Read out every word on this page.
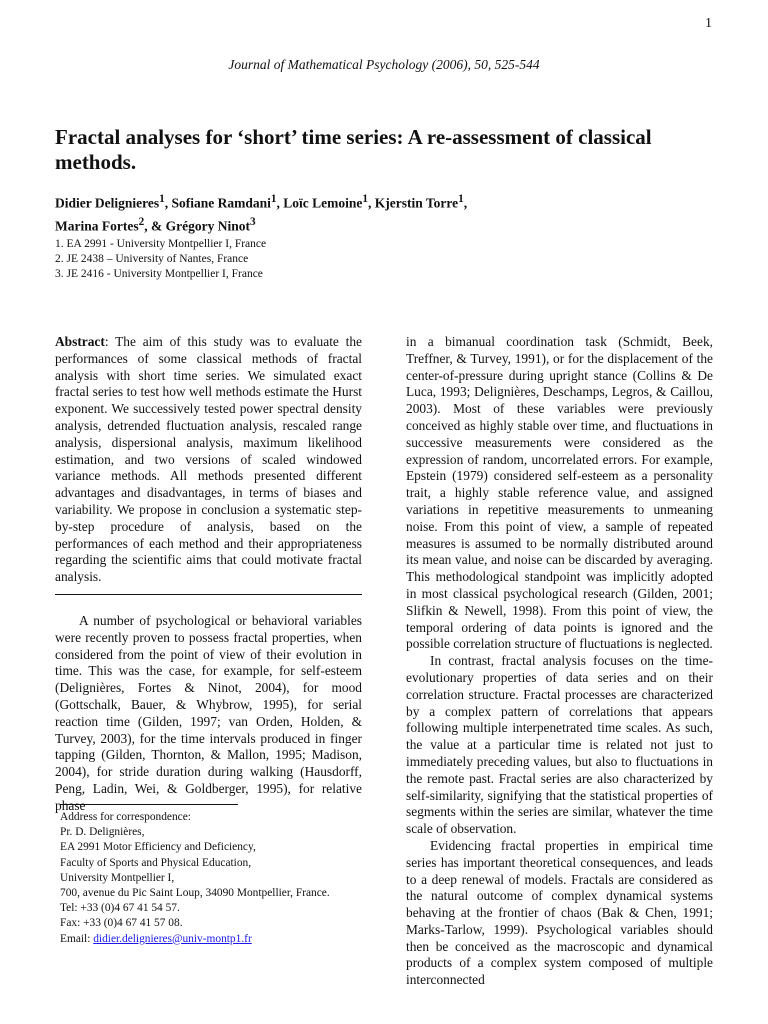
1
Journal of Mathematical Psychology (2006), 50, 525-544
Fractal analyses for ‘short’ time series: A re-assessment of classical methods.
Didier Delignieres$^1$, Sofiane Ramdani$^1$, Loïc Lemoine$^1$, Kjerstin Torre$^1$,
Marina Fortes$^2$, & Grégory Ninot$^3$
1. EA 2991 - University Montpellier I, France
2. JE 2438 – University of Nantes, France
3. JE 2416 - University Montpellier I, France

Abstract: The aim of this study was to evaluate the performances of some classical methods of fractal analysis with short time series. We simulated exact fractal series to test how well methods estimate the Hurst exponent. We successively tested power spectral density analysis, detrended fluctuation analysis, rescaled range analysis, dispersional analysis, maximum likelihood estimation, and two versions of scaled windowed variance methods. All methods presented different advantages and disadvantages, in terms of biases and variability. We propose in conclusion a systematic step-by-step procedure of analysis, based on the performances of each method and their appropriateness regarding the scientific aims that could motivate fractal analysis.

A number of psychological or behavioral variables were recently proven to possess fractal properties, when considered from the point of view of their evolution in time. This was the case, for example, for self-esteem (Delignières, Fortes & Ninot, 2004), for mood (Gottschalk, Bauer, & Whybrow, 1995), for serial reaction time (Gilden, 1997; van Orden, Holden, & Turvey, 2003), for the time intervals produced in finger tapping (Gilden, Thornton, & Mallon, 1995; Madison, 2004), for stride duration during walking (Hausdorff, Peng, Ladin, Wei, & Goldberger, 1995), for relative phase

in a bimanual coordination task (Schmidt, Beek, Treffner, & Turvey, 1991), or for the displacement of the center-of-pressure during upright stance (Collins & De Luca, 1993; Delignières, Deschamps, Legros, & Caillou, 2003). Most of these variables were previously conceived as highly stable over time, and fluctuations in successive measurements were considered as the expression of random, uncorrelated errors. For example, Epstein (1979) considered self-esteem as a personality trait, a highly stable reference value, and assigned variations in repetitive measurements to unmeaning noise. From this point of view, a sample of repeated measures is assumed to be normally distributed around its mean value, and noise can be discarded by averaging. This methodological standpoint was implicitly adopted in most classical psychological research (Gilden, 2001; Slifkin & Newell, 1998). From this point of view, the temporal ordering of data points is ignored and the possible correlation structure of fluctuations is neglected.

In contrast, fractal analysis focuses on the time-evolutionary properties of data series and on their correlation structure. Fractal processes are characterized by a complex pattern of correlations that appears following multiple interpenetrated time scales. As such, the value at a particular time is related not just to immediately preceding values, but also to fluctuations in the remote past. Fractal series are also characterized by self-similarity, signifying that the statistical properties of segments within the series are similar, whatever the time scale of observation.

Evidencing fractal properties in empirical time series has important theoretical consequences, and leads to a deep renewal of models. Fractals are considered as the natural outcome of complex dynamical systems behaving at the frontier of chaos (Bak & Chen, 1991; Marks-Tarlow, 1999). Psychological variables should then be conceived as the macroscopic and dynamical products of a complex system composed of multiple interconnected

Address for correspondence:
Pr. D. Delignières,
EA 2991 Motor Efficiency and Deficiency,
Faculty of Sports and Physical Education,
University Montpellier I,
700, avenue du Pic Saint Loup, 34090 Montpellier, France.
Tel: +33 (0)4 67 41 54 57.
Fax: +33 (0)4 67 41 57 08.
Email: didier.delignieres@univ-montp1.fr
